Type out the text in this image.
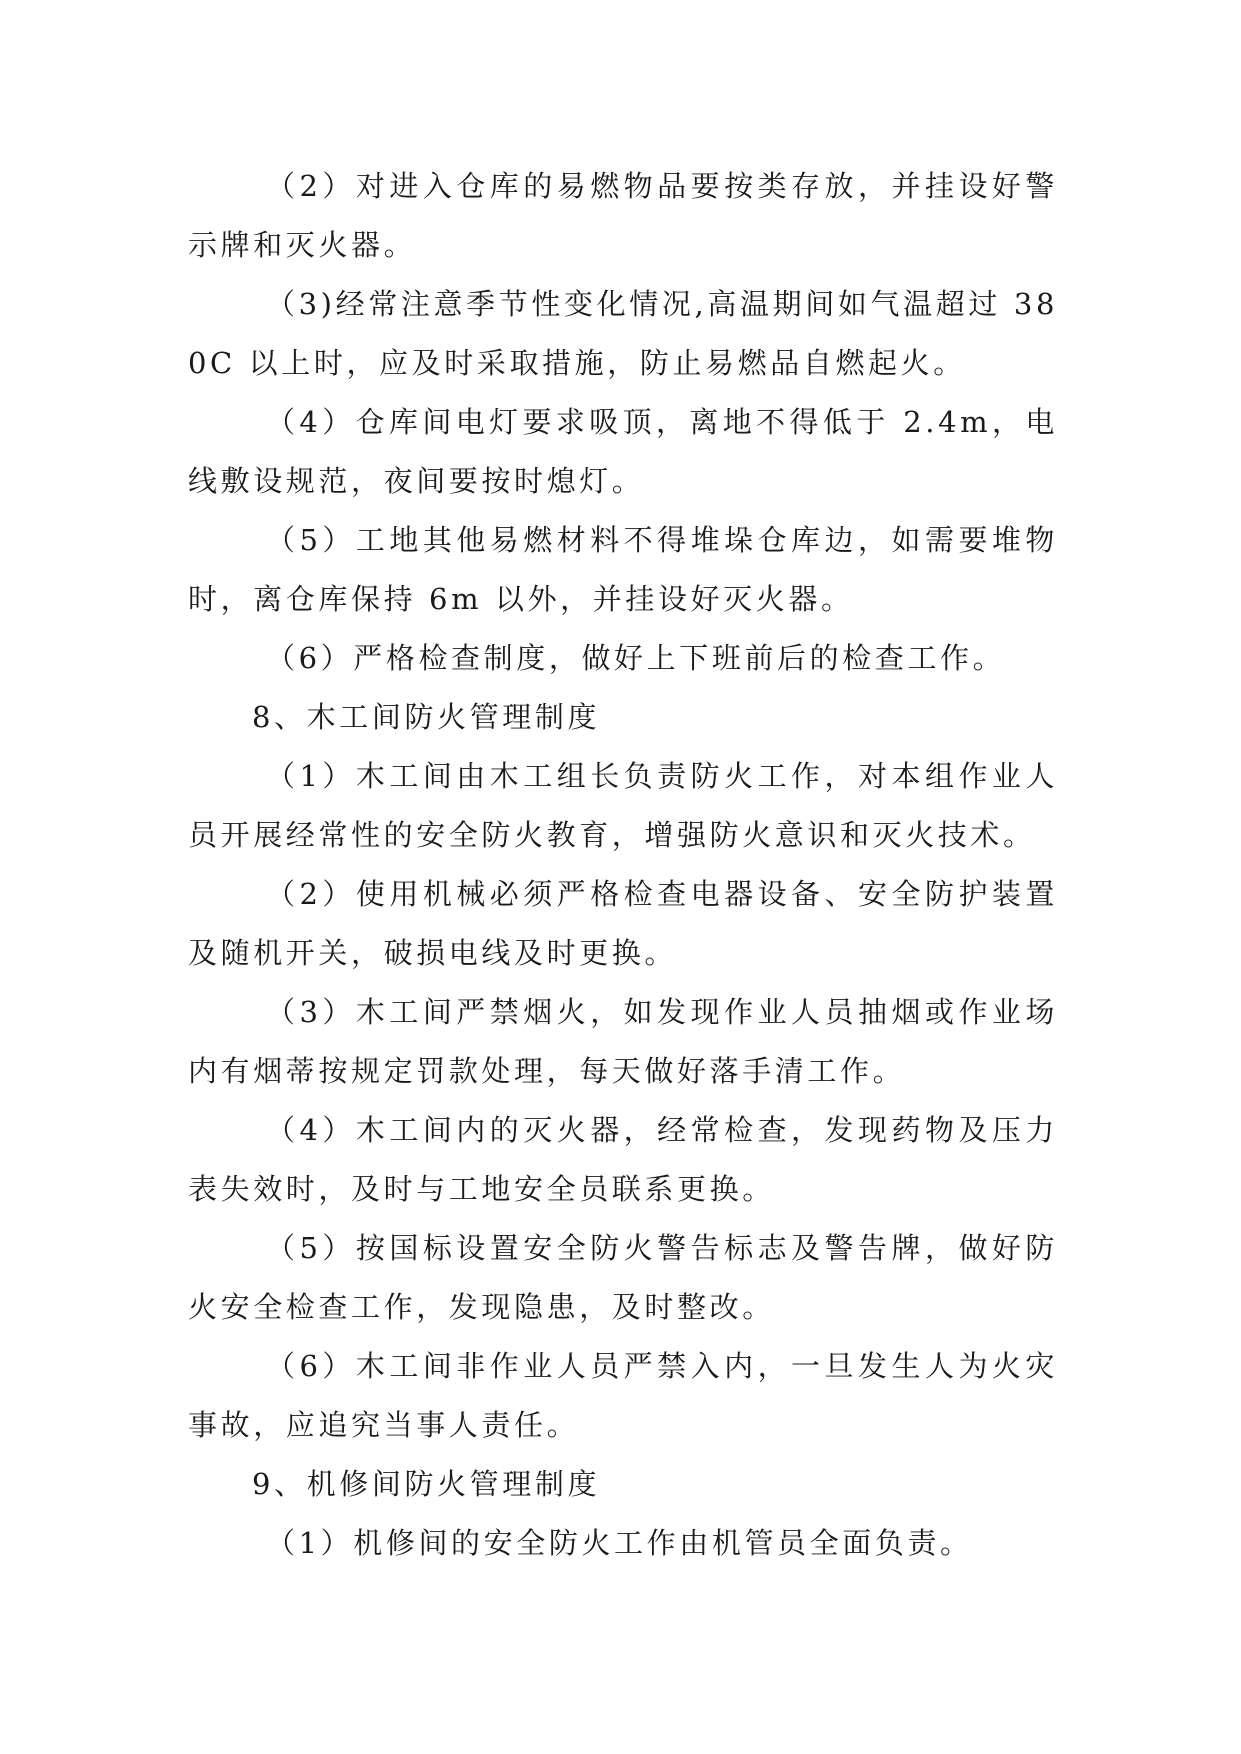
（2）对进入仓库的易燃物品要按类存放，并挂设好警示牌和灭火器。

（3)经常注意季节性变化情况,高温期间如气温超过 38 0C 以上时，应及时采取措施，防止易燃品自燃起火。

（4）仓库间电灯要求吸顶，离地不得低于 2.4m，电线敷设规范，夜间要按时熄灯。

（5）工地其他易燃材料不得堆垛仓库边，如需要堆物时，离仓库保持 6m 以外，并挂设好灭火器。

（6）严格检查制度，做好上下班前后的检查工作。

8、木工间防火管理制度

（1）木工间由木工组长负责防火工作，对本组作业人员开展经常性的安全防火教育，增强防火意识和灭火技术。

（2）使用机械必须严格检查电器设备、安全防护装置及随机开关，破损电线及时更换。

（3）木工间严禁烟火，如发现作业人员抽烟或作业场内有烟蒂按规定罚款处理，每天做好落手清工作。

（4）木工间内的灭火器，经常检查，发现药物及压力表失效时，及时与工地安全员联系更换。

（5）按国标设置安全防火警告标志及警告牌，做好防火安全检查工作，发现隐患，及时整改。

（6）木工间非作业人员严禁入内，一旦发生人为火灾事故，应追究当事人责任。

9、机修间防火管理制度

（1）机修间的安全防火工作由机管员全面负责。
